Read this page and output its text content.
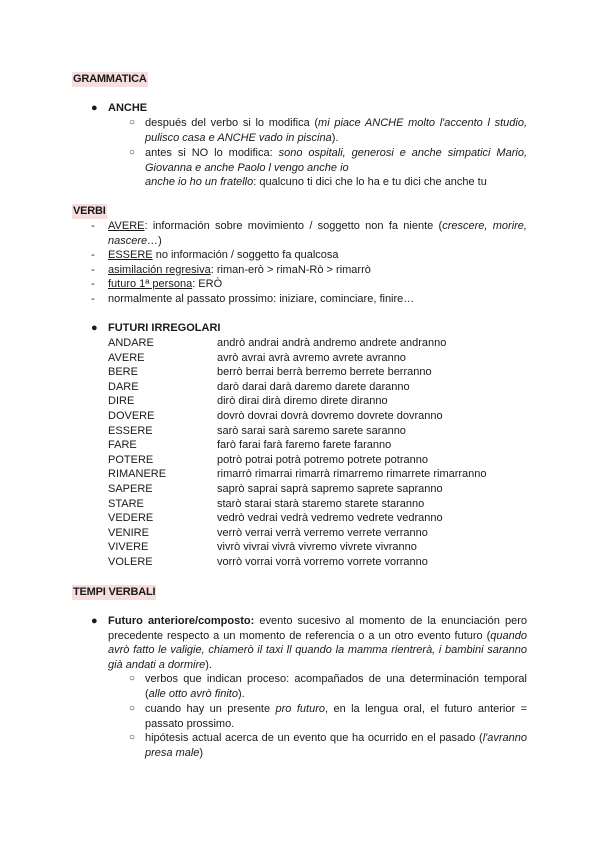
GRAMMATICA
● ANCHE
○ después del verbo si lo modifica (mi piace ANCHE molto l'accento l studio, pulisco casa e ANCHE vado in piscina).
○ antes si NO lo modifica: sono ospitali, generosi e anche simpatici Mario, Giovanna e anche Paolo l vengo anche io
anche io ho un fratello: qualcuno ti dici che lo ha e tu dici che anche tu
VERBI
- AVERE: información sobre movimiento / soggetto non fa niente (crescere, morire, nascere…)
- ESSERE no información / soggetto fa qualcosa
- asimilación regresiva: riman-erò > rimaN-Rò > rimarrò
- futuro 1ª persona: ERÒ
- normalmente al passato prossimo: iniziare, cominciare, finire…
● FUTURI IRREGOLARI
ANDARE	andrò andrai andrà andremo andrete andranno
AVERE	avrò avrai avrà avremo avrete avranno
BERE	berrò berrai berrà berremo berrete berranno
DARE	darò darai darà daremo darete daranno
DIRE	dirò dirai dirà diremo direte diranno
DOVERE	dovrò dovrai dovrà dovremo dovrete dovranno
ESSERE	sarò sarai sarà saremo sarete saranno
FARE	farò farai farà faremo farete faranno
POTERE	potrò potrai potrà potremo potrete potranno
RIMANERE	rimarrò rimarrai rimarrà rimarremo rimarrete rimarranno
SAPERE	saprò saprai saprà sapremo saprete sapranno
STARE	starò starai starà staremo starete staranno
VEDERE	vedrò vedrai vedrà vedremo vedrete vedranno
VENIRE	verrò verrai verrà verremo verrete verranno
VIVERE	vivrò vivrai vivrà vivremo vivrete vivranno
VOLERE	vorrò vorrai vorrà vorremo vorrete vorranno
TEMPI VERBALI
● Futuro anteriore/composto: evento sucesivo al momento de la enunciación pero precedente respecto a un momento de referencia o a un otro evento futuro (quando avrò fatto le valigie, chiamerò il taxi ll quando la mamma rientrerà, i bambini saranno già andati a dormire).
○ verbos que indican proceso: acompañados de una determinación temporal (alle otto avrò finito).
○ cuando hay un presente pro futuro, en la lengua oral, el futuro anterior = passato prossimo.
○ hipótesis actual acerca de un evento que ha ocurrido en el pasado (l'avranno presa male)
